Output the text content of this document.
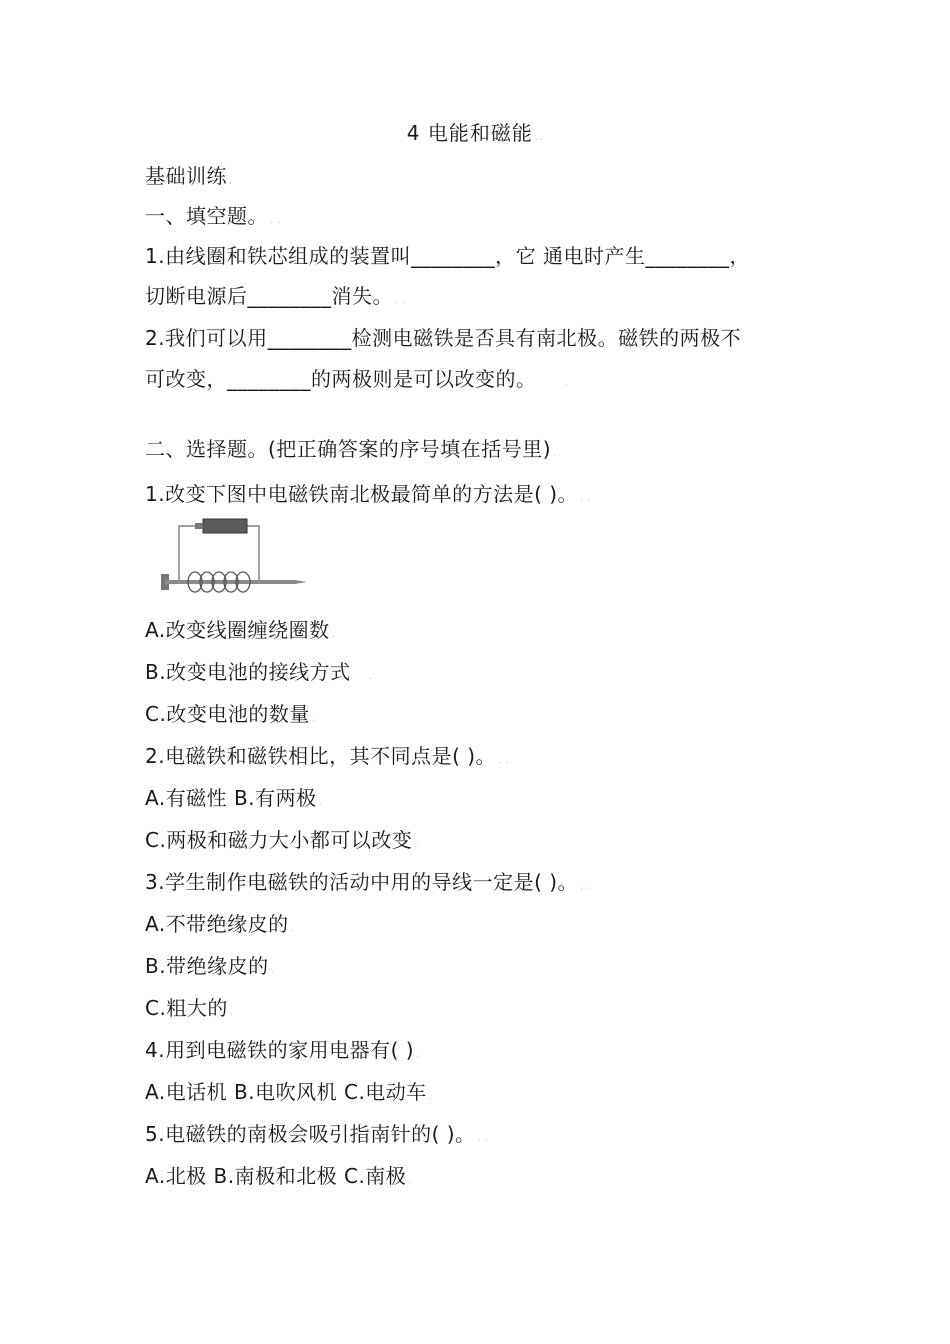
4 电能和磁能 ..
基础训练 .
一、填空题。 . .
1.由线圈和铁芯组成的装置叫________，它 通电时产生________，
切断电源后________消失。 . .
2.我们可以用________检测电磁铁是否具有南北极。磁铁的两极不
可改变，________的两极则是可以改变的。	.
二、选择题。(把正确答案的序号填在括号里) .
1.改变下图中电磁铁南北极最简单的方法是( )。 . .
A.改变线圈缠绕圈数 .
B.改变电池的接线方式 .
C.改变电池的数量 .
2.电磁铁和磁铁相比，其不同点是( )。 . .
A.有磁性 B.有两极 .
C.两极和磁力大小都可以改变 .
3.学生制作电磁铁的活动中用的导线一定是( )。 . .
A.不带绝缘皮的 .
B.带绝缘皮的 .
C.粗大的 .
4.用到电磁铁的家用电器有( ) .
A.电话机 B.电吹风机 C.电动车 .
5.电磁铁的南极会吸引指南针的( )。 . .
A.北极 B.南极和北极 C.南极 .
